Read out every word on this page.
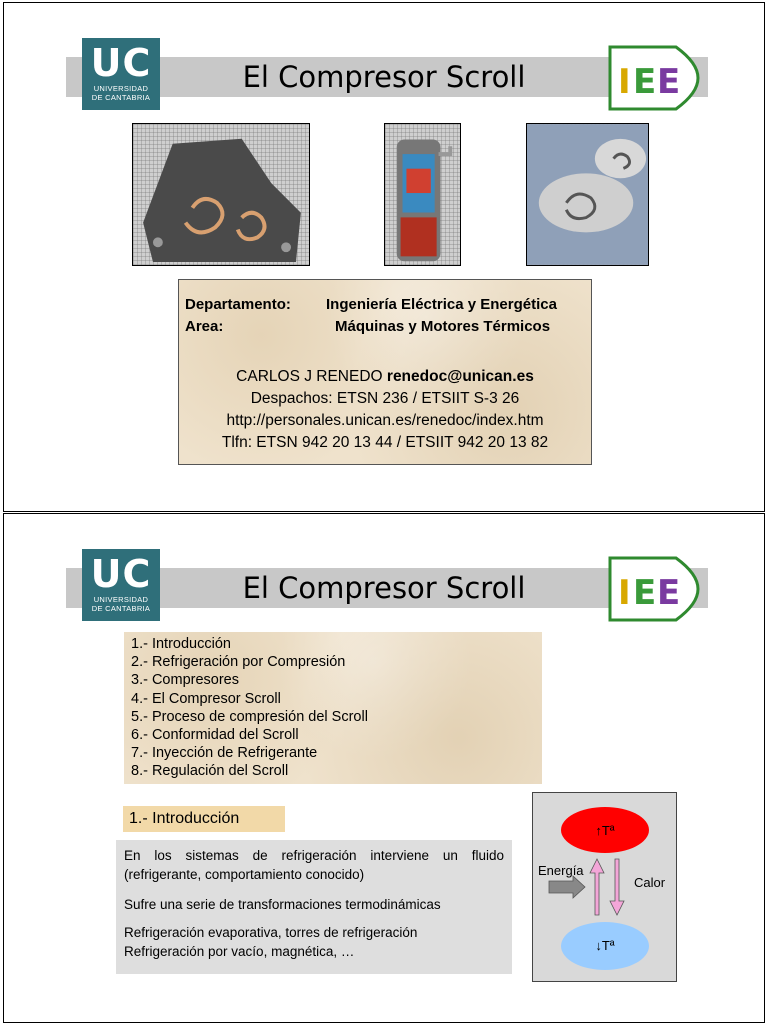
UC
UNIVERSIDAD
DE CANTABRIA
El Compresor Scroll	I E E
Departamento: Ingeniería Eléctrica y Energética
Area:	Máquinas y Motores Térmicos
CARLOS J RENEDO renedoc@unican.es
Despachos: ETSN 236 / ETSIIT S-3 26
http://personales.unican.es/renedoc/index.htm
Tlfn: ETSN 942 20 13 44 / ETSIIT 942 20 13 82
UC
UNIVERSIDAD
DE CANTABRIA
El Compresor Scroll	I E E
1.- Introducción
2.- Refrigeración por Compresión
3.- Compresores
4.- El Compresor Scroll
5.- Proceso de compresión del Scroll
6.- Conformidad del Scroll
7.- Inyección de Refrigerante
8.- Regulación del Scroll
1.- Introducción

En los sistemas de refrigeración interviene un fluido (refrigerante, comportamiento conocido)

Sufre una serie de transformaciones termodinámicas

Refrigeración evaporativa, torres de refrigeración

Refrigeración por vacío, magnética, …

↑Tª
↓Tª
Energía
Calor
